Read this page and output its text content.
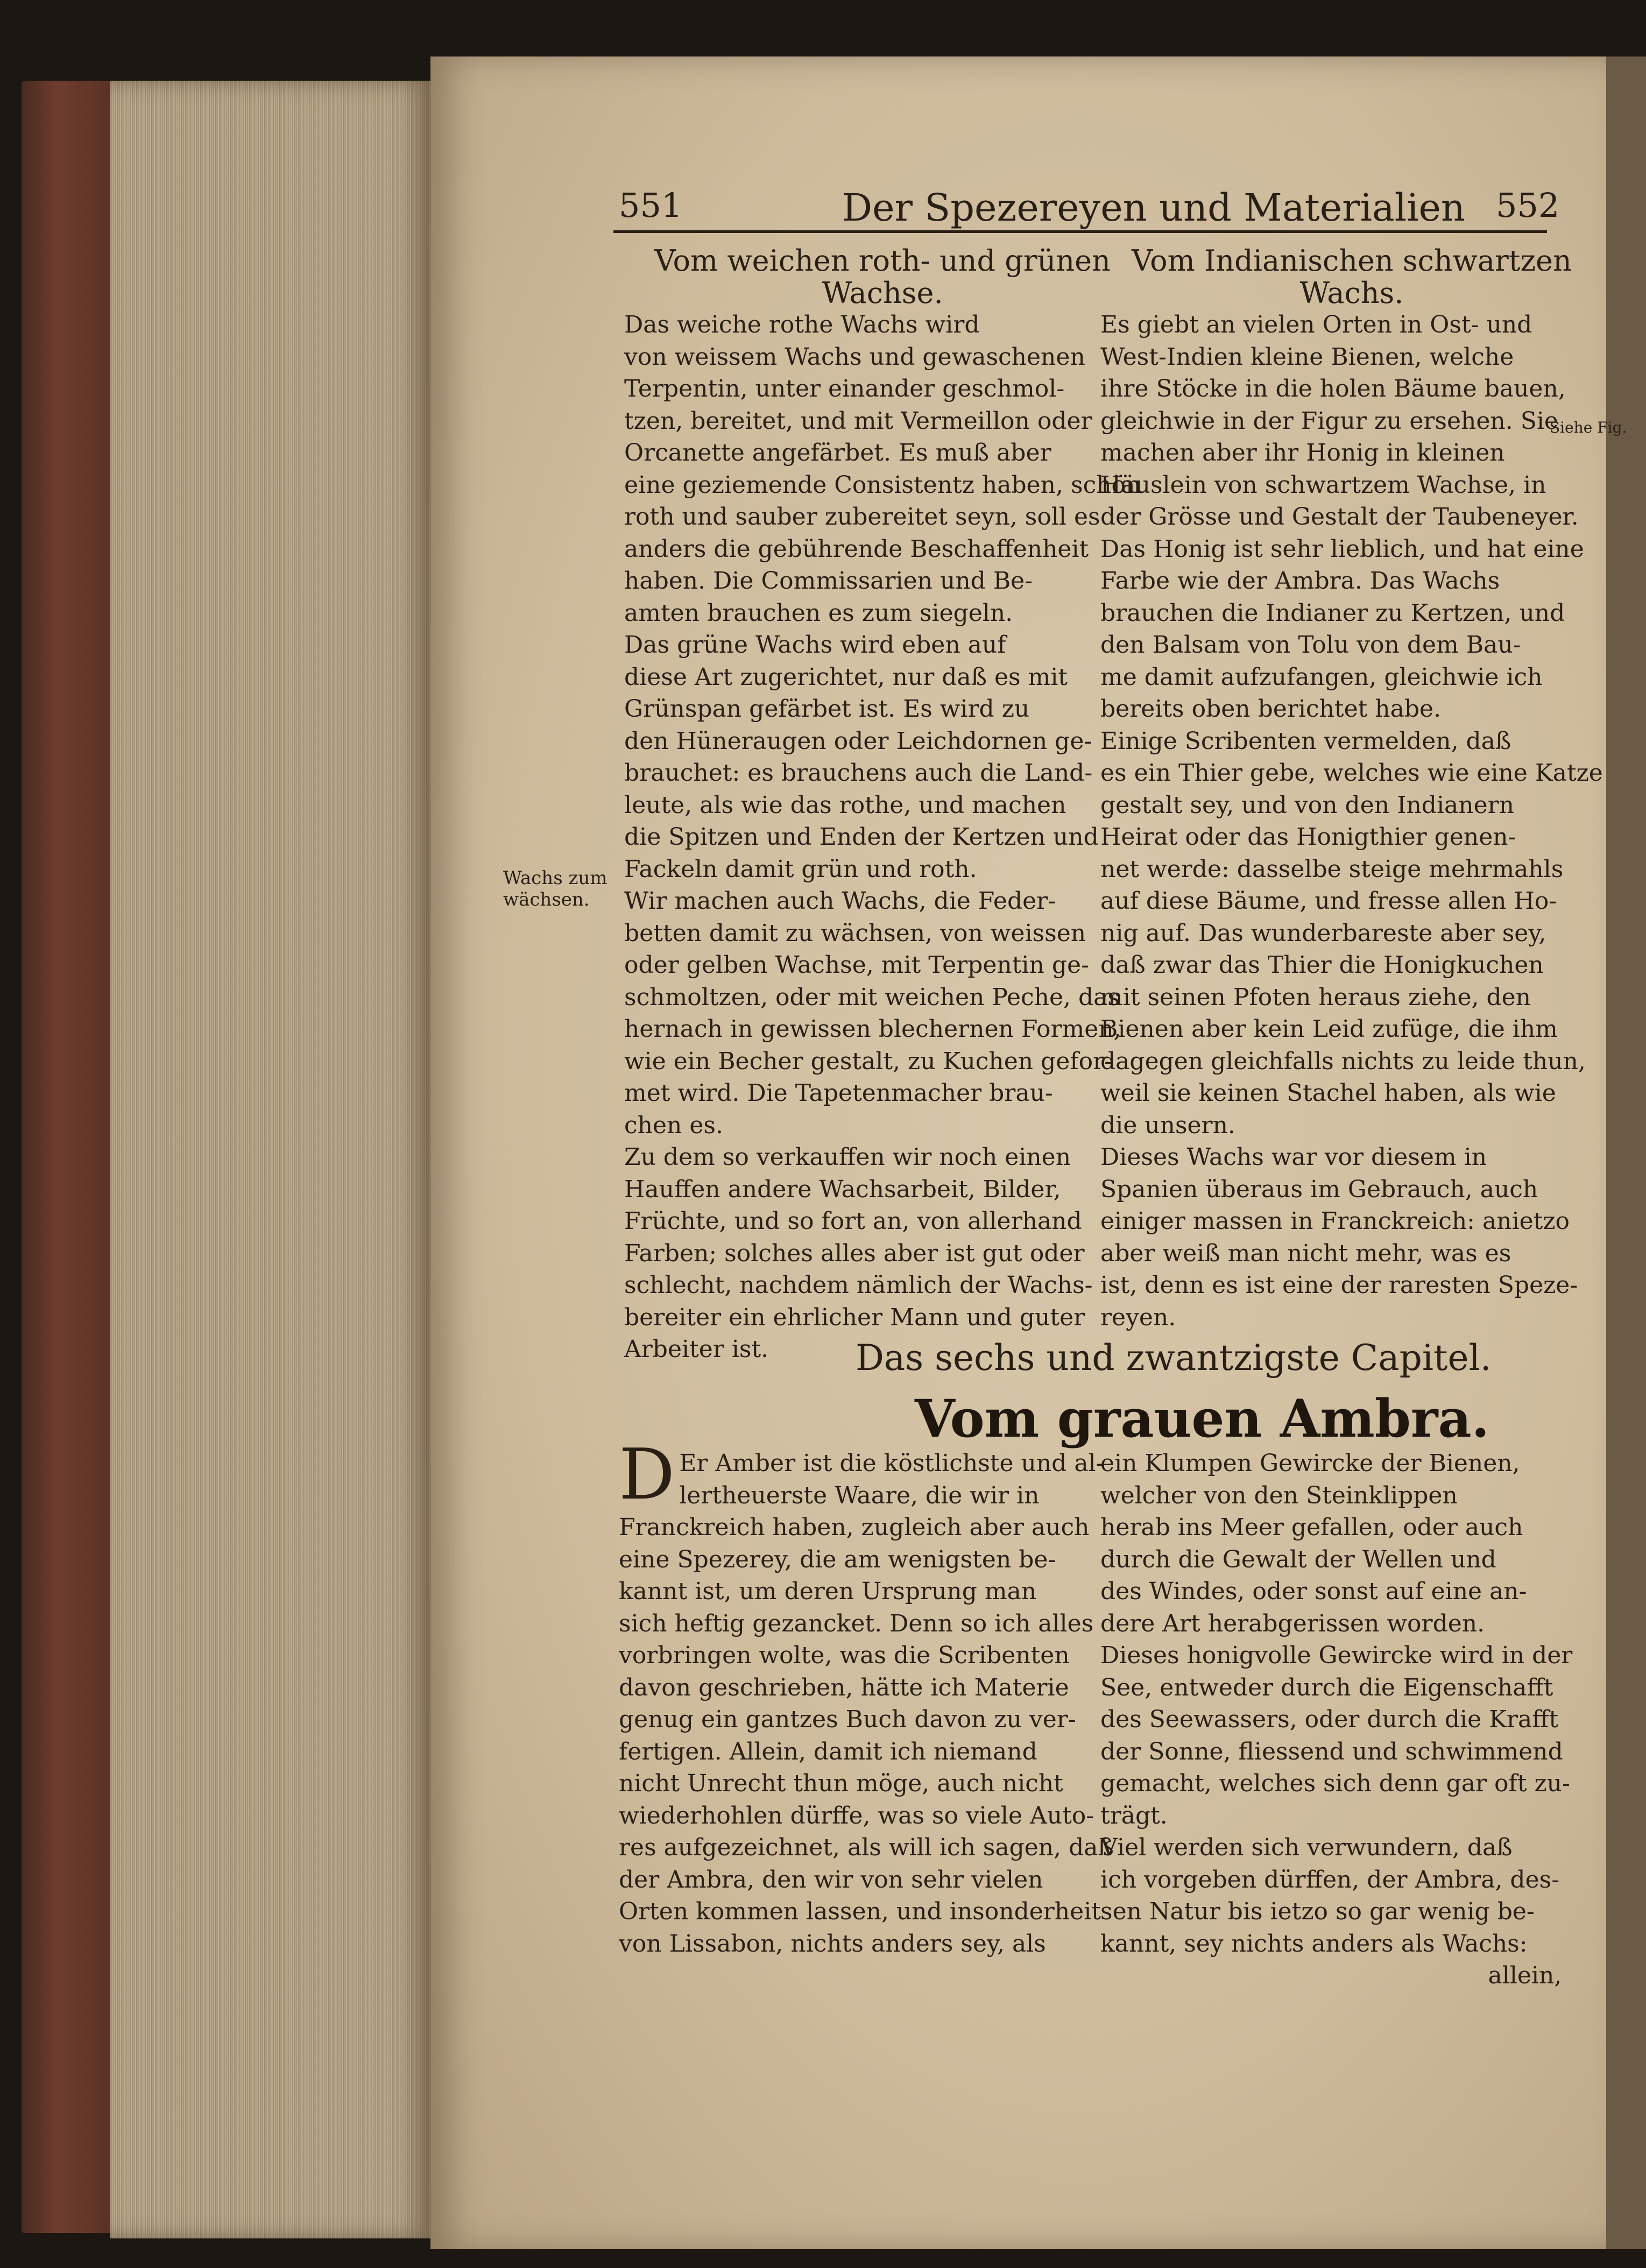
551	Der Spezereyen und Materialien 552
Vom weichen roth- und grünen
Wachse.
Das weiche rothe Wachs wird
von weissem Wachs und gewaschenen
Terpentin, unter einander geschmol-
tzen, bereitet, und mit Vermeillon oder
Orcanette angefärbet. Es muß aber
eine geziemende Consistentz haben, schön
roth und sauber zubereitet seyn, soll es
anders die gebührende Beschaffenheit
haben. Die Commissarien und Be-
amten brauchen es zum siegeln.
Das grüne Wachs wird eben auf
diese Art zugerichtet, nur daß es mit
Grünspan gefärbet ist. Es wird zu
den Hüneraugen oder Leichdornen ge-
brauchet: es brauchens auch die Land-
leute, als wie das rothe, und machen
die Spitzen und Enden der Kertzen und
Fackeln damit grün und roth.
Wir machen auch Wachs, die Feder-
betten damit zu wächsen, von weissen
oder gelben Wachse, mit Terpentin ge-
schmoltzen, oder mit weichen Peche, das
hernach in gewissen blechernen Formen,
wie ein Becher gestalt, zu Kuchen gefor-
met wird. Die Tapetenmacher brau-
chen es.
Zu dem so verkauffen wir noch einen
Hauffen andere Wachsarbeit, Bilder,
Früchte, und so fort an, von allerhand
Farben; solches alles aber ist gut oder
schlecht, nachdem nämlich der Wachs-
bereiter ein ehrlicher Mann und guter
Arbeiter ist.
Wachs zum
wächsen.
Vom Indianischen schwartzen
Wachs.
Es giebt an vielen Orten in Ost- und
West-Indien kleine Bienen, welche
ihre Stöcke in die holen Bäume bauen,
gleichwie in der Figur zu ersehen. Sie
machen aber ihr Honig in kleinen
Häuslein von schwartzem Wachse, in
der Grösse und Gestalt der Taubeneyer.
Das Honig ist sehr lieblich, und hat eine
Farbe wie der Ambra. Das Wachs
brauchen die Indianer zu Kertzen, und
den Balsam von Tolu von dem Bau-
me damit aufzufangen, gleichwie ich
bereits oben berichtet habe.
Einige Scribenten vermelden, daß
es ein Thier gebe, welches wie eine Katze
gestalt sey, und von den Indianern
Heirat oder das Honigthier genen-
net werde: dasselbe steige mehrmahls
auf diese Bäume, und fresse allen Ho-
nig auf. Das wunderbareste aber sey,
daß zwar das Thier die Honigkuchen
mit seinen Pfoten heraus ziehe, den
Bienen aber kein Leid zufüge, die ihm
dagegen gleichfalls nichts zu leide thun,
weil sie keinen Stachel haben, als wie
die unsern.
Dieses Wachs war vor diesem in
Spanien überaus im Gebrauch, auch
einiger massen in Franckreich: anietzo
aber weiß man nicht mehr, was es
ist, denn es ist eine der raresten Speze-
reyen.
Siehe Fig.
Das sechs und zwantzigste Capitel.
Vom grauen Ambra.
D Er Amber ist die köstlichste und al-
lertheuerste Waare, die wir in
Franckreich haben, zugleich aber auch
eine Spezerey, die am wenigsten be-
kannt ist, um deren Ursprung man
sich heftig gezancket. Denn so ich alles
vorbringen wolte, was die Scribenten
davon geschrieben, hätte ich Materie
genug ein gantzes Buch davon zu ver-
fertigen. Allein, damit ich niemand
nicht Unrecht thun möge, auch nicht
wiederhohlen dürffe, was so viele Auto-
res aufgezeichnet, als will ich sagen, daß
der Ambra, den wir von sehr vielen
Orten kommen lassen, und insonderheit
von Lissabon, nichts anders sey, als
ein Klumpen Gewircke der Bienen,
welcher von den Steinklippen
herab ins Meer gefallen, oder auch
durch die Gewalt der Wellen und
des Windes, oder sonst auf eine an-
dere Art herabgerissen worden.
Dieses honigvolle Gewircke wird in der
See, entweder durch die Eigenschafft
des Seewassers, oder durch die Krafft
der Sonne, fliessend und schwimmend
gemacht, welches sich denn gar oft zu-
trägt.
Viel werden sich verwundern, daß
ich vorgeben dürffen, der Ambra, des-
sen Natur bis ietzo so gar wenig be-
kannt, sey nichts anders als Wachs:
allein,
